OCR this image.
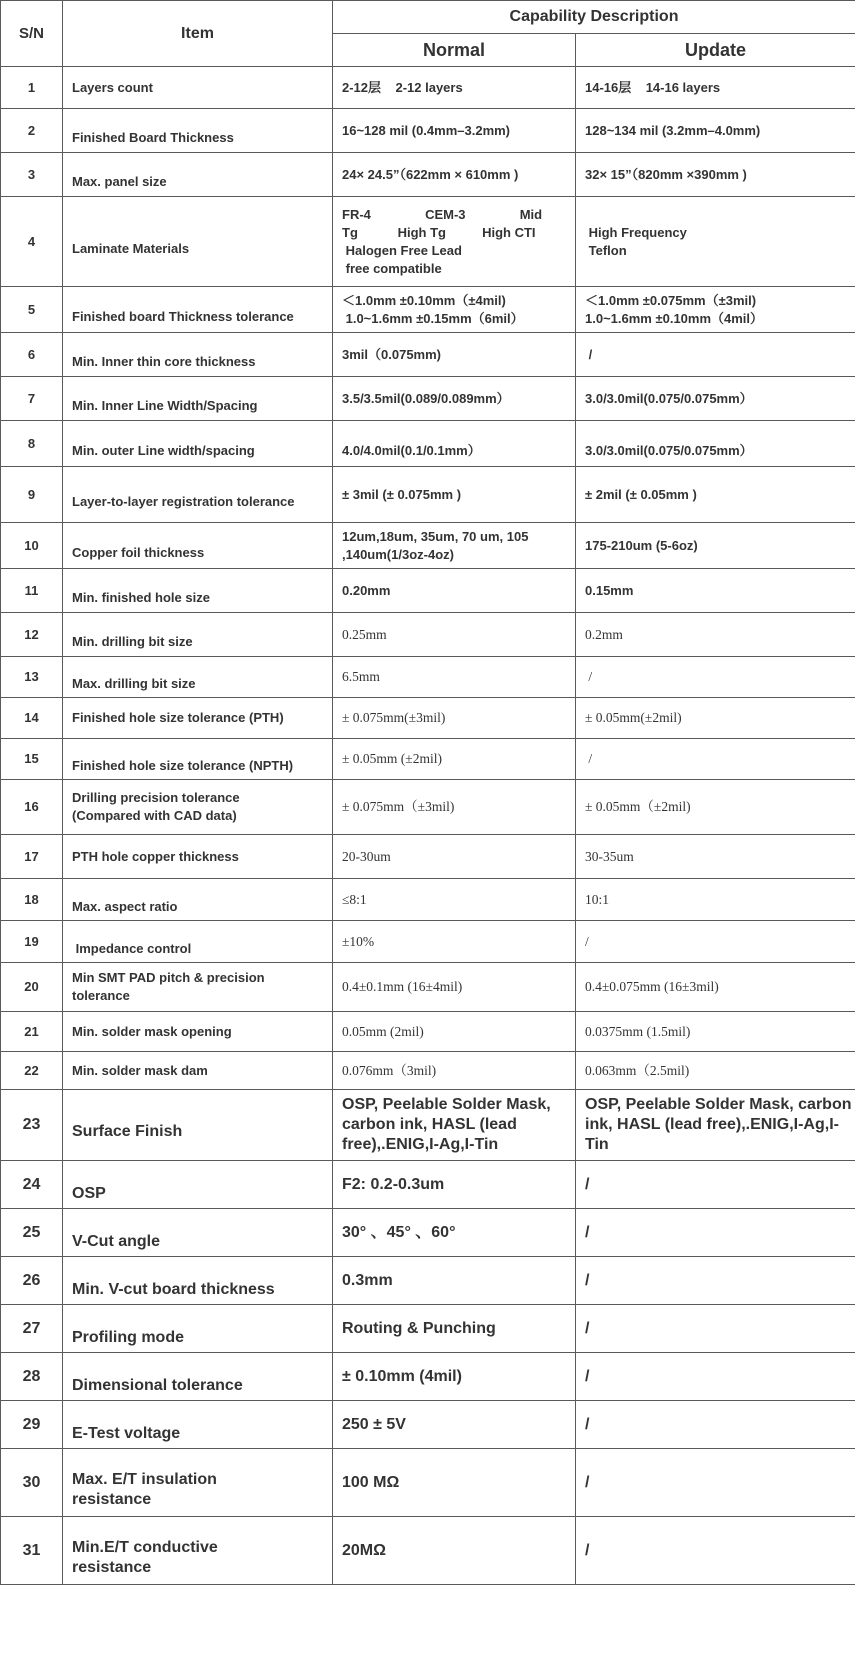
S/N	Item	Capability Description	
		Normal	Update

1	Layers count	2-12层    2-12 layers	14-16层    14-16 layers

2	Finished Board Thickness	16~128 mil (0.4mm–3.2mm)	128~134 mil (3.2mm–4.0mm)

3	Max. panel size	24× 24.5”（622mm × 610mm )	32× 15”（820mm ×390mm )

4	Laminate Materials	FR-4               CEM-3               Mid
Tg           High Tg          High CTI
Halogen Free Lead
free compatible	High Frequency
Teflon

5	Finished board Thickness tolerance	＜1.0mm ±0.10mm（±4mil)
1.0~1.6mm ±0.15mm（6mil）	＜1.0mm ±0.075mm（±3mil)
1.0~1.6mm ±0.10mm（4mil）

6	Min. Inner thin core thickness	3mil（0.075mm)	/

7	Min. Inner Line Width/Spacing	3.5/3.5mil(0.089/0.089mm）	3.0/3.0mil(0.075/0.075mm）

8	Min. outer Line width/spacing	4.0/4.0mil(0.1/0.1mm）	3.0/3.0mil(0.075/0.075mm）

9	Layer-to-layer registration tolerance	± 3mil (± 0.075mm )	± 2mil (± 0.05mm )

10	Copper foil thickness	12um,18um, 35um, 70 um, 105
,140um(1/3oz-4oz)	175-210um (5-6oz)

11	Min. finished hole size	0.20mm	0.15mm

12	Min. drilling bit size	0.25mm	0.2mm

13	Max. drilling bit size	6.5mm	/

14	Finished hole size tolerance (PTH)	± 0.075mm(±3mil)	± 0.05mm(±2mil)

15	Finished hole size tolerance (NPTH)	± 0.05mm (±2mil)	/

16	Drilling precision tolerance
(Compared with CAD data)	± 0.075mm（±3mil)	± 0.05mm（±2mil)

17	PTH hole copper thickness	20-30um	30-35um

18	Max. aspect ratio	≤8:1	10:1

19	Impedance control	±10%	/

20	Min SMT PAD pitch & precision
tolerance	0.4±0.1mm (16±4mil)	0.4±0.075mm (16±3mil)

21	Min. solder mask opening	0.05mm (2mil)	0.0375mm (1.5mil)

22	Min. solder mask dam	0.076mm（3mil)	0.063mm（2.5mil)

23	Surface Finish	OSP, Peelable Solder Mask,
carbon ink, HASL (lead
free),.ENIG,I-Ag,I-Tin	OSP, Peelable Solder Mask, carbon
ink, HASL (lead free),.ENIG,I-Ag,I-
Tin

24	OSP	F2: 0.2-0.3um	/

25	V-Cut angle	30° 、45° 、60°	/

26	Min. V-cut board thickness	0.3mm	/

27	Profiling mode	Routing & Punching	/

28	Dimensional tolerance	± 0.10mm (4mil)	/

29	E-Test voltage	250 ± 5V	/

30	Max. E/T insulation
resistance	100 MΩ	/

31	Min.E/T conductive
resistance	20MΩ	/
